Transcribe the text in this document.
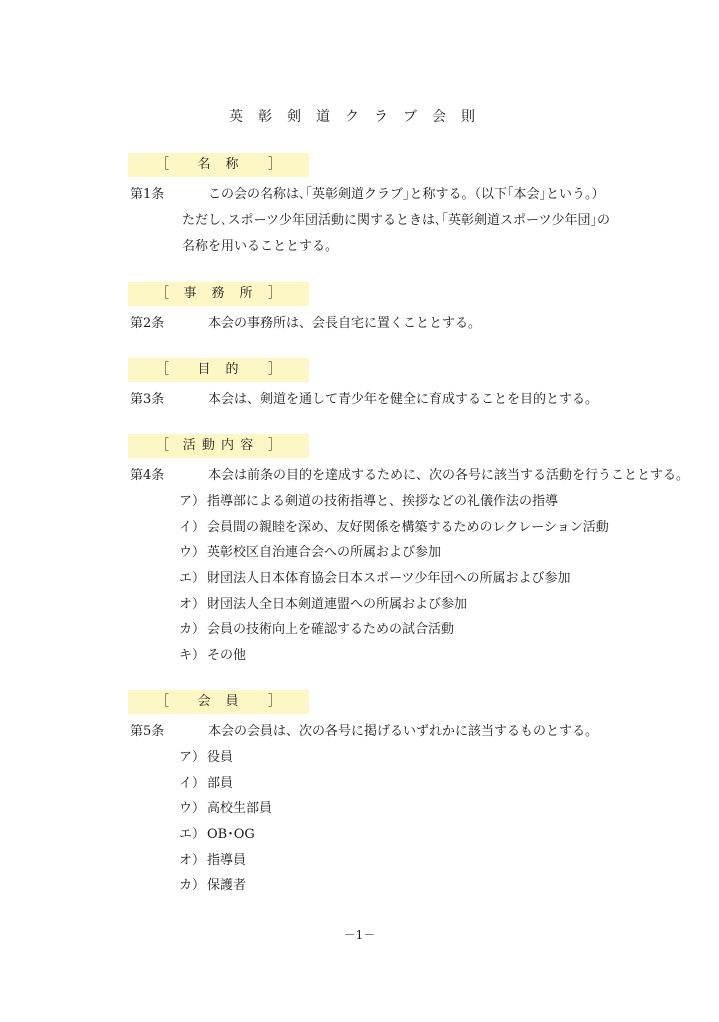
英彰剣道クラブ会則
［ 名　称 ］
第1条	この会の名称は､｢英彰剣道クラブ｣と称する｡（以下｢本会｣という｡）
ただし､スポーツ少年団活動に関するときは､｢英彰剣道スポーツ少年団｣の
名称を用いることとする｡
［ 事　務　所 ］
第2条	本会の事務所は、会長自宅に置くこととする。
［ 目　的 ］
第3条	本会は、剣道を通して青少年を健全に育成することを目的とする。
［ 活 動 内 容 ］
第4条	本会は前条の目的を達成するために、次の各号に該当する活動を行うこととする。
ア） 指導部による剣道の技術指導と、挨拶などの礼儀作法の指導
イ） 会員間の親睦を深め、友好関係を構築するためのレクレーション活動
ウ） 英彰校区自治連合会への所属および参加
エ） 財団法人日本体育協会日本スポーツ少年団への所属および参加
オ） 財団法人全日本剣道連盟への所属および参加
カ） 会員の技術向上を確認するための試合活動
キ） その他
［ 会　員 ］
第5条	本会の会員は、次の各号に掲げるいずれかに該当するものとする。
ア） 役員
イ） 部員
ウ） 高校生部員
エ） OB･OG
オ） 指導員
カ） 保護者
－1－
